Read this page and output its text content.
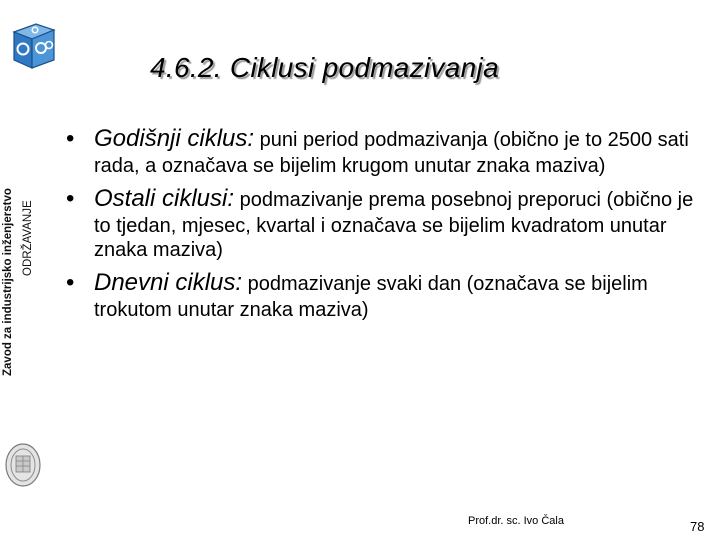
Zavod za industrijsko inženjerstvo ODRŽAVANJE
4.6.2. Ciklusi podmazivanja
• Godišnji ciklus: puni period podmazivanja (obično je to 2500 sati rada, a označava se bijelim krugom unutar znaka maziva)
• Ostali ciklusi: podmazivanje prema posebnoj preporuci (obično je to tjedan, mjesec, kvartal i označava se bijelim kvadratom unutar znaka maziva)
• Dnevni ciklus: podmazivanje svaki dan (označava se bijelim trokutom unutar znaka maziva)
Prof.dr. sc. Ivo Čala	78
